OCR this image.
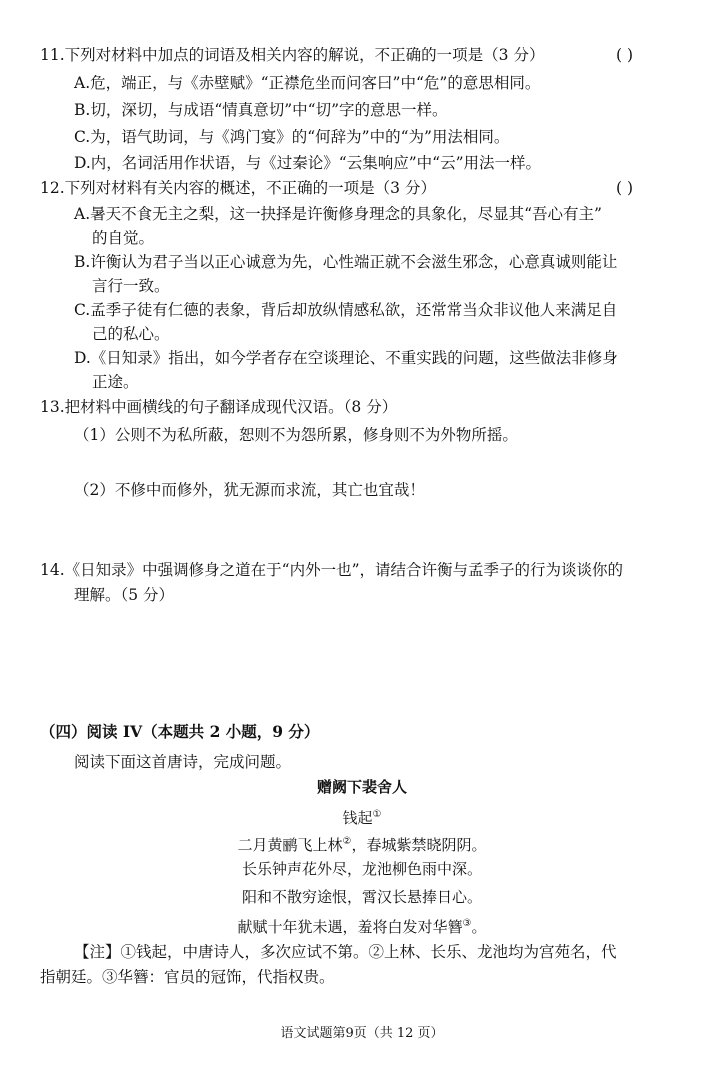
11.下列对材料中加点的词语及相关内容的解说，不正确的一项是（3 分）	( )
A.危，端正，与《赤壁赋》“正襟危坐而问客曰”中“危”的意思相同。
B.切，深切，与成语“情真意切”中“切”字的意思一样。
C.为，语气助词，与《鸿门宴》的“何辞为”中的“为”用法相同。
D.内，名词活用作状语，与《过秦论》“云集响应”中“云”用法一样。
12.下列对材料有关内容的概述，不正确的一项是（3 分）	( )
A.暑天不食无主之梨，这一抉择是许衡修身理念的具象化，尽显其“吾心有主”
的自觉。
B.许衡认为君子当以正心诚意为先，心性端正就不会滋生邪念，心意真诚则能让
言行一致。
C.孟季子徒有仁德的表象，背后却放纵情感私欲，还常常当众非议他人来满足自
己的私心。
D.《日知录》指出，如今学者存在空谈理论、不重实践的问题，这些做法非修身
正途。
13.把材料中画横线的句子翻译成现代汉语。（8 分）
（1）公则不为私所蔽，恕则不为怨所累，修身则不为外物所摇。
（2）不修中而修外，犹无源而求流，其亡也宜哉！
14.《日知录》中强调修身之道在于“内外一也”，请结合许衡与孟季子的行为谈谈你的
理解。（5 分）
（四）阅读 IV（本题共 2 小题，9 分）
阅读下面这首唐诗，完成问题。
赠阙下裴舍人
钱起①
二月黄鹂飞上林②，春城紫禁晓阴阴。
长乐钟声花外尽，龙池柳色雨中深。
阳和不散穷途恨，霄汉长悬捧日心。
献赋十年犹未遇，羞将白发对华簪③。
【注】①钱起，中唐诗人，多次应试不第。②上林、长乐、龙池均为宫苑名，代
指朝廷。③华簪：官员的冠饰，代指权贵。
语文试题第9页（共 12 页）
